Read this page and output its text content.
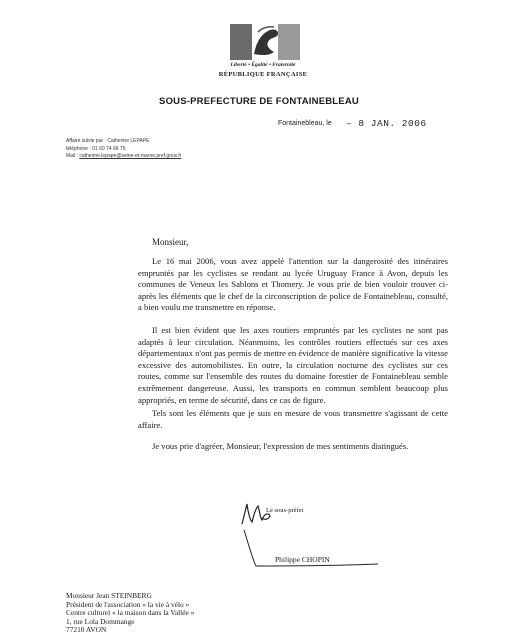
Liberté • Égalité • Fraternité
RÉPUBLIQUE FRANÇAISE
SOUS-PREFECTURE DE FONTAINEBLEAU
Affaire suivie par : Catherine LEPAPE
téléphone : 01 60 74 66 75
Mail : catherine.lepape@seine-et-marne.pref.gouv.fr
Fontainebleau, le – 8 JAN. 2006
Monsieur,
Le 16 mai 2006, vous avez appelé l'attention sur la dangerosité des itinéraires empruntés par les cyclistes se rendant au lycée Uruguay France à Avon, depuis les communes de Veneux les Sablons et Thomery. Je vous prie de bien vouloir trouver ci-après les éléments que le chef de la circonscription de police de Fontainebleau, consulté, a bien voulu me transmettre en réponse.
Il est bien évident que les axes routiers empruntés par les cyclistes ne sont pas adaptés à leur circulation. Néanmoins, les contrôles routiers effectués sur ces axes départementaux n'ont pas permis de mettre en évidence de manière significative la vitesse excessive des automobilistes. En outre, la circulation nocturne des cyclistes sur ces routes, comme sur l'ensemble des routes du domaine forestier de Fontainebleau semble extrêmement dangereuse. Aussi, les transports en commun semblent beaucoup plus appropriés, en terme de sécurité, dans ce cas de figure.
Tels sont les éléments que je suis en mesure de vous transmettre s'agissant de cette affaire.
Je vous prie d'agréer, Monsieur, l'expression de mes sentiments distingués.
Le sous-préfet
Philippe CHOPIN
Monsieur Jean STEINBERG
Président de l'association « la vie à vélo »
Centre culturel « la maison dans la Vallée »
1, rue Lola Dommange
77210 AVON
